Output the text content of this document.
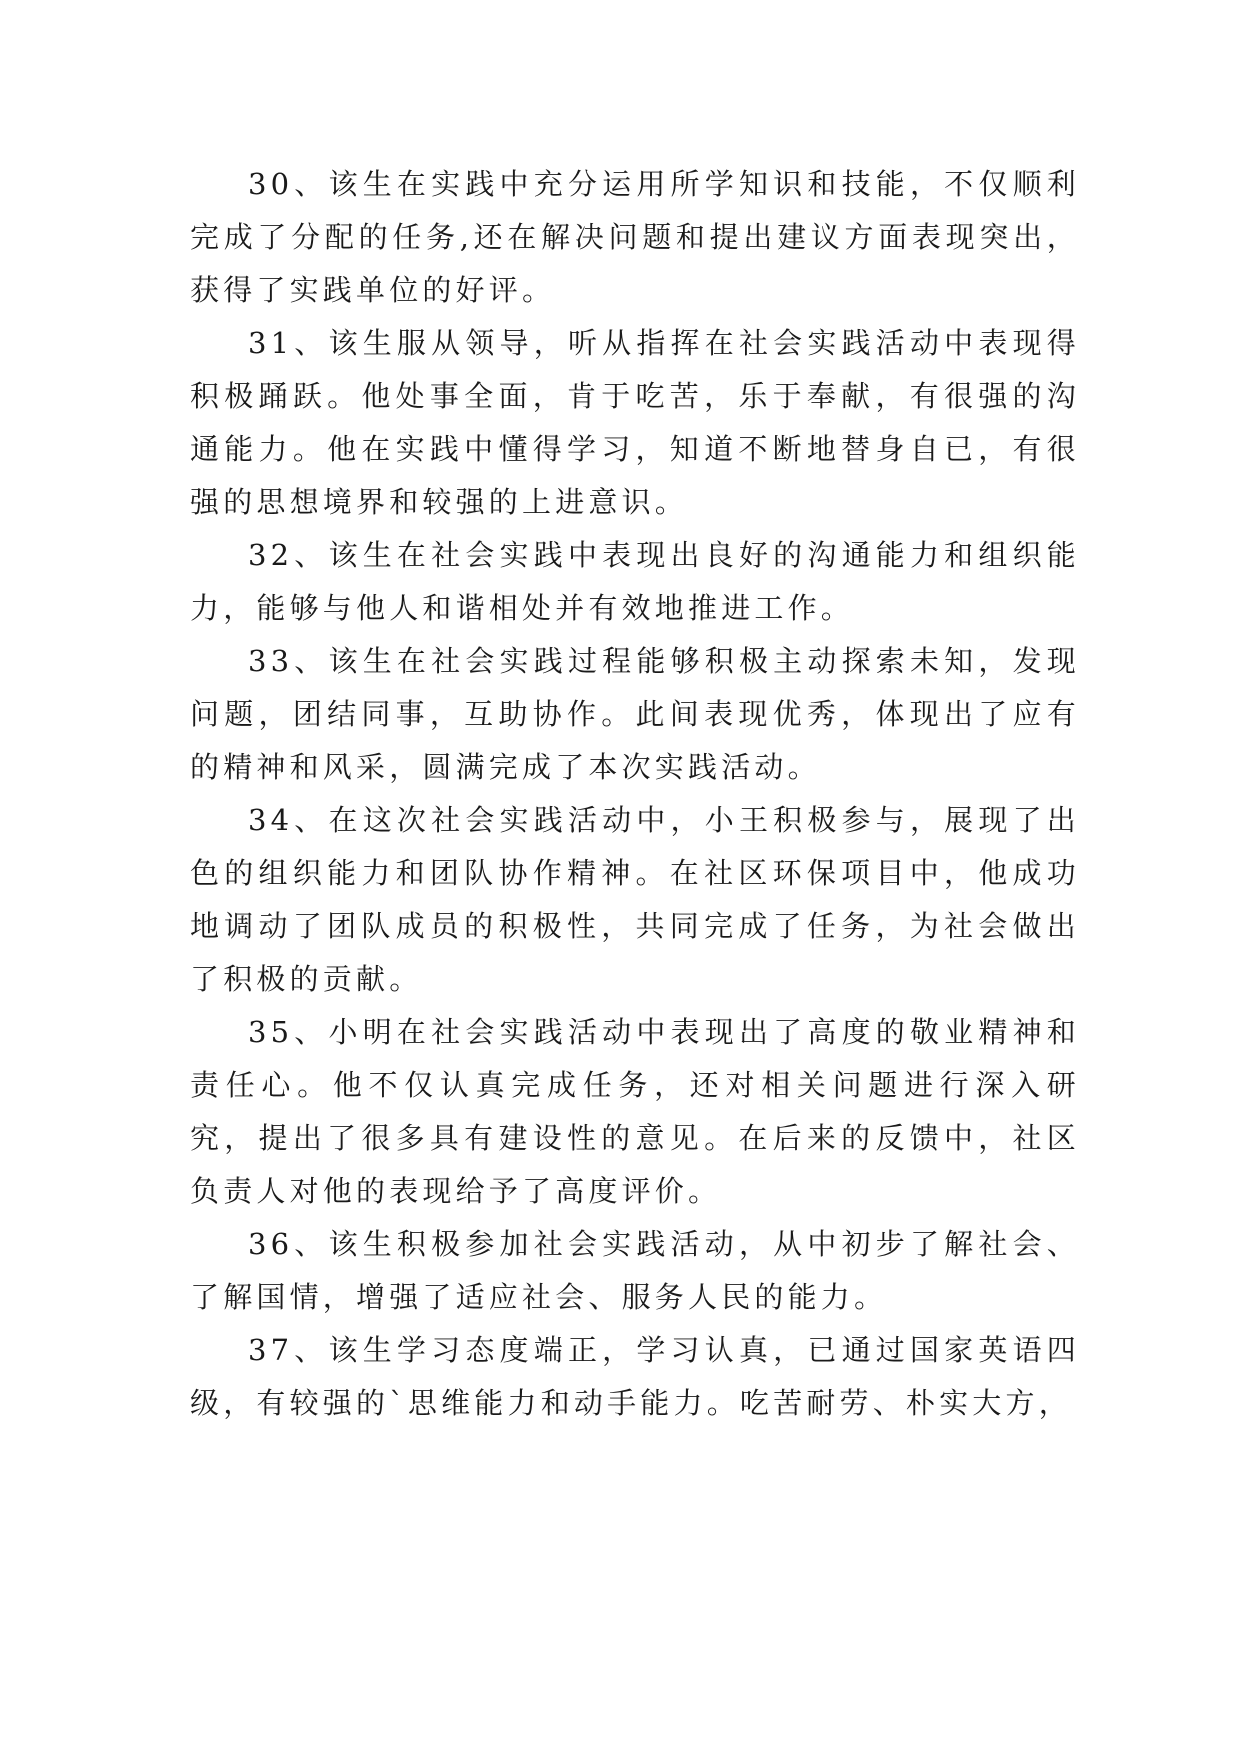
30、该生在实践中充分运用所学知识和技能，不仅顺利完成了分配的任务,还在解决问题和提出建议方面表现突出，获得了实践单位的好评。

31、该生服从领导，听从指挥在社会实践活动中表现得积极踊跃。他处事全面，肯于吃苦，乐于奉献，有很强的沟通能力。他在实践中懂得学习，知道不断地替身自已，有很强的思想境界和较强的上进意识。

32、该生在社会实践中表现出良好的沟通能力和组织能力，能够与他人和谐相处并有效地推进工作。

33、该生在社会实践过程能够积极主动探索未知，发现问题，团结同事，互助协作。此间表现优秀，体现出了应有的精神和风采，圆满完成了本次实践活动。

34、在这次社会实践活动中，小王积极参与，展现了出色的组织能力和团队协作精神。在社区环保项目中，他成功地调动了团队成员的积极性，共同完成了任务，为社会做出了积极的贡献。

35、小明在社会实践活动中表现出了高度的敬业精神和责任心。他不仅认真完成任务，还对相关问题进行深入研究，提出了很多具有建设性的意见。在后来的反馈中，社区负责人对他的表现给予了高度评价。

36、该生积极参加社会实践活动，从中初步了解社会、了解国情，增强了适应社会、服务人民的能力。

37、该生学习态度端正，学习认真，已通过国家英语四级，有较强的`思维能力和动手能力。吃苦耐劳、朴实大方，
